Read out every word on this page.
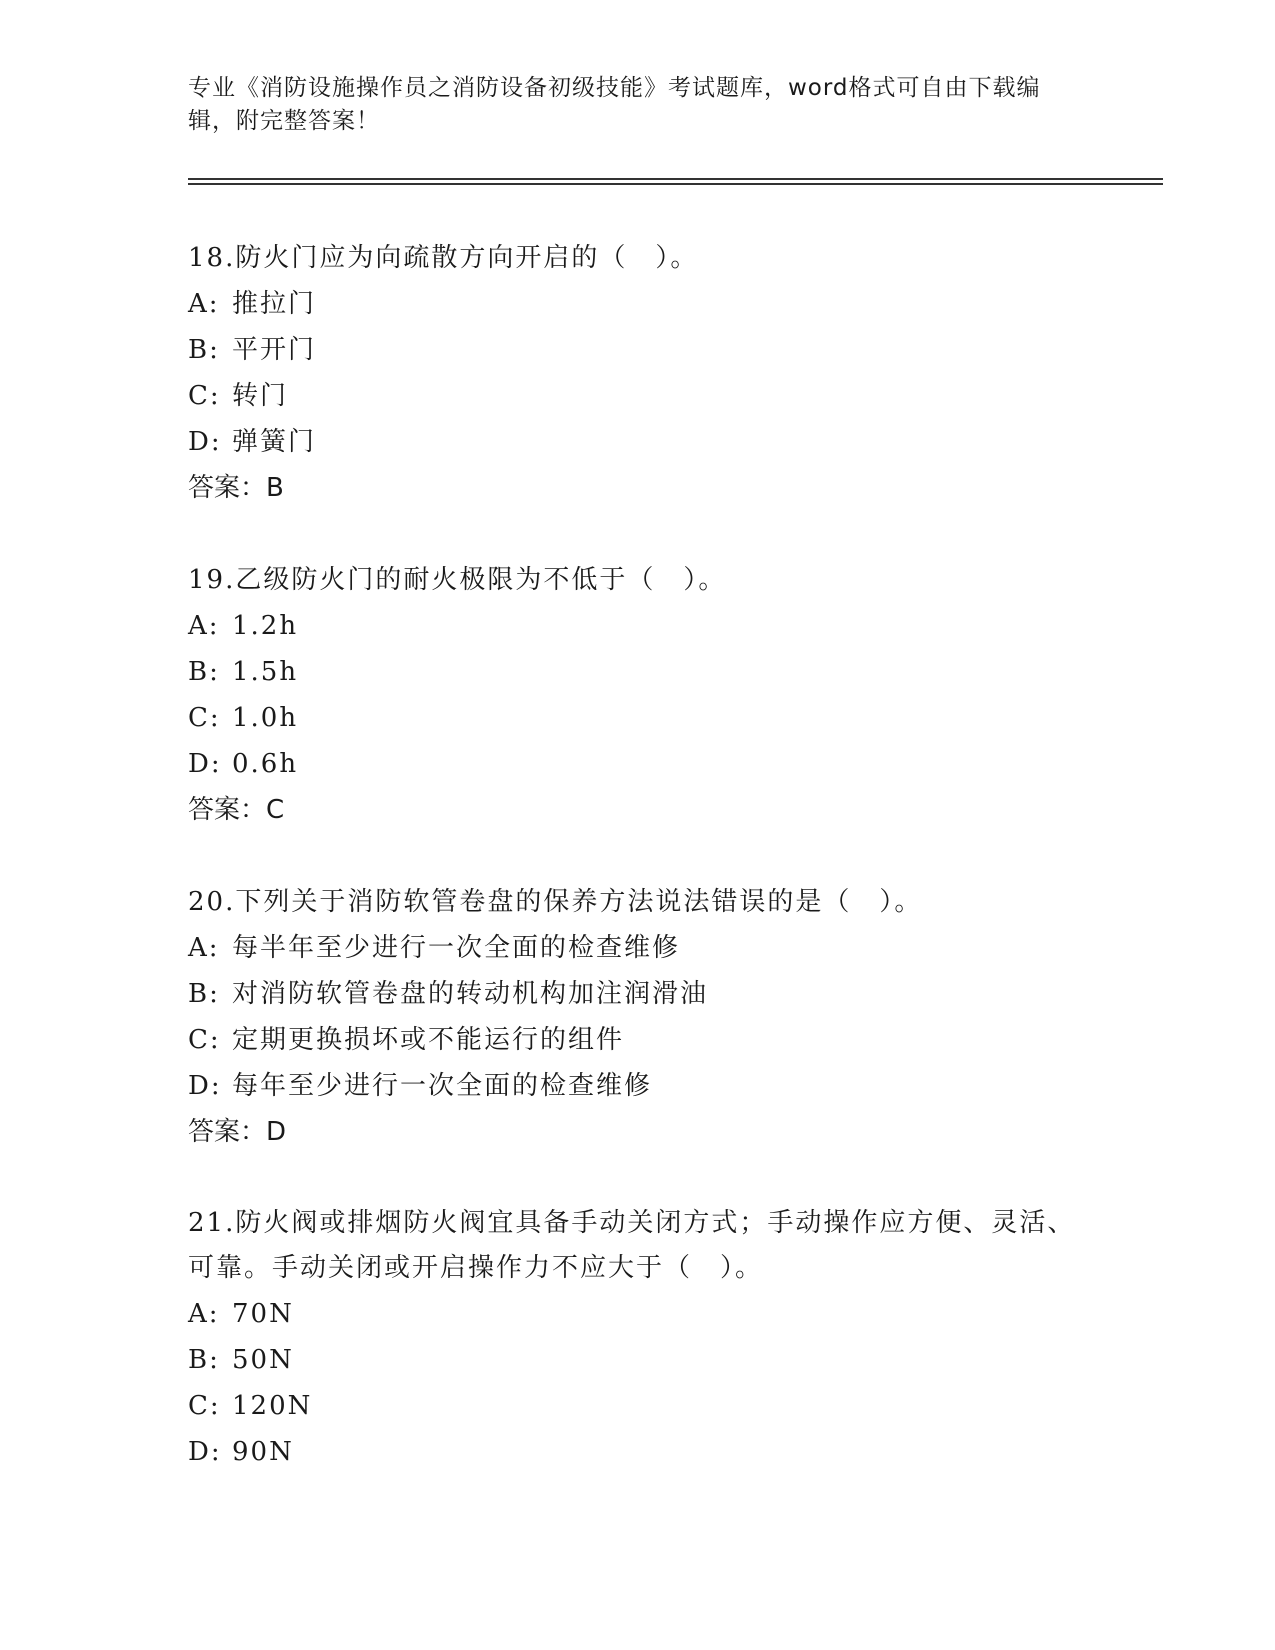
专业《消防设施操作员之消防设备初级技能》考试题库，word格式可自由下载编辑，附完整答案！

18.防火门应为向疏散方向开启的（　）。

A: 推拉门

B: 平开门

C: 转门

D: 弹簧门

答案：B

19.乙级防火门的耐火极限为不低于（　）。

A: 1.2h

B: 1.5h

C: 1.0h

D: 0.6h

答案：C

20.下列关于消防软管卷盘的保养方法说法错误的是（　）。

A: 每半年至少进行一次全面的检查维修

B: 对消防软管卷盘的转动机构加注润滑油

C: 定期更换损坏或不能运行的组件

D: 每年至少进行一次全面的检查维修

答案：D

21.防火阀或排烟防火阀宜具备手动关闭方式；手动操作应方便、灵活、可靠。手动关闭或开启操作力不应大于（　）。

A: 70N

B: 50N

C: 120N

D: 90N
